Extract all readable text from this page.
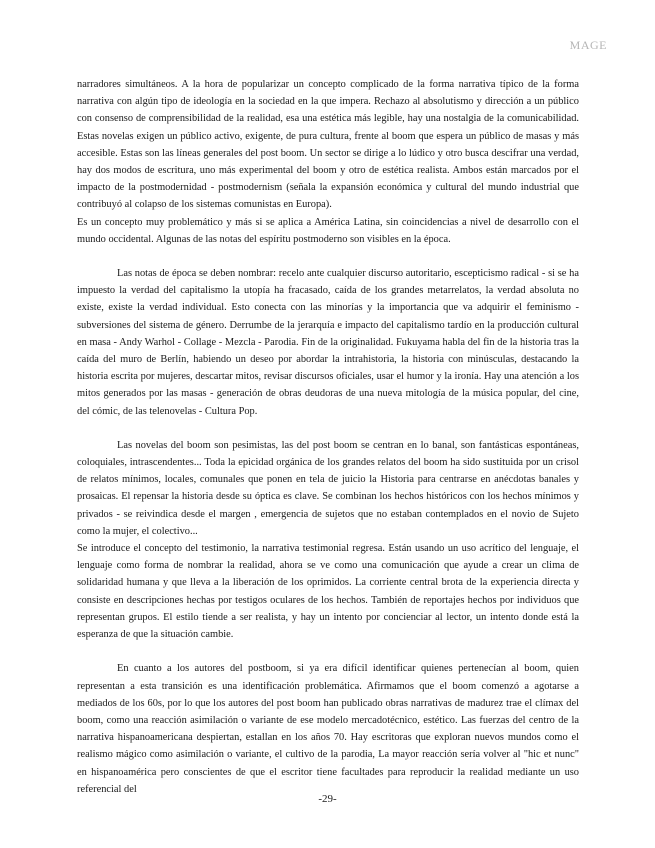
MAGE

narradores simultáneos. A la hora de popularizar un concepto complicado de la forma narrativa típico de la forma narrativa con algún tipo de ideología en la sociedad en la que impera. Rechazo al absolutismo y dirección a un público con consenso de comprensibilidad de la realidad, esa una estética más legible, hay una nostalgia de la comunicabilidad. Estas novelas exigen un público activo, exigente, de pura cultura, frente al boom que espera un público de masas y más accesible. Estas son las líneas generales del post boom. Un sector se dirige a lo lúdico y otro busca descifrar una verdad, hay dos modos de escritura, uno más experimental del boom y otro de estética realista. Ambos están marcados por el impacto de la postmodernidad - postmodernism (señala la expansión económica y cultural del mundo industrial que contribuyó al colapso de los sistemas comunistas en Europa).

Es un concepto muy problemático y más si se aplica a América Latina, sin coincidencias a nivel de desarrollo con el mundo occidental. Algunas de las notas del espíritu postmoderno son visibles en la época.

Las notas de época se deben nombrar: recelo ante cualquier discurso autoritario, escepticismo radical - si se ha impuesto la verdad del capitalismo la utopía ha fracasado, caída de los grandes metarrelatos, la verdad absoluta no existe, existe la verdad individual. Esto conecta con las minorías y la importancia que va adquirir el feminismo - subversiones del sistema de género. Derrumbe de la jerarquía e impacto del capitalismo tardío en la producción cultural en masa - Andy Warhol - Collage - Mezcla - Parodia. Fin de la originalidad. Fukuyama habla del fin de la historia tras la caída del muro de Berlín, habiendo un deseo por abordar la intrahistoria, la historia con minúsculas, destacando la historia escrita por mujeres, descartar mitos, revisar discursos oficiales, usar el humor y la ironía. Hay una atención a los mitos generados por las masas - generación de obras deudoras de una nueva mitología de la música popular, del cine, del cómic, de las telenovelas - Cultura Pop.

Las novelas del boom son pesimistas, las del post boom se centran en lo banal, son fantásticas espontáneas, coloquiales, intrascendentes... Toda la epicidad orgánica de los grandes relatos del boom ha sido sustituida por un crisol de relatos mínimos, locales, comunales que ponen en tela de juicio la Historia para centrarse en anécdotas banales y prosaicas. El repensar la historia desde su óptica es clave. Se combinan los hechos históricos con los hechos mínimos y privados - se reivindica desde el margen , emergencia de sujetos que no estaban contemplados en el novio de Sujeto como la mujer, el colectivo...

Se introduce el concepto del testimonio, la narrativa testimonial regresa. Están usando un uso acrítico del lenguaje, el lenguaje como forma de nombrar la realidad, ahora se ve como una comunicación que ayude a crear un clima de solidaridad humana y que lleva a la liberación de los oprimidos. La corriente central brota de la experiencia directa y consiste en descripciones hechas por testigos oculares de los hechos. También de reportajes hechos por individuos que representan grupos. El estilo tiende a ser realista, y hay un intento por concienciar al lector, un intento donde está la esperanza de que la situación cambie.

En cuanto a los autores del postboom, si ya era difícil identificar quienes pertenecían al boom, quien representan a esta transición es una identificación problemática. Afirmamos que el boom comenzó a agotarse a mediados de los 60s, por lo que los autores del post boom han publicado obras narrativas de madurez trae el clímax del boom, como una reacción asimilación o variante de ese modelo mercadotécnico, estético. Las fuerzas del centro de la narrativa hispanoamericana despiertan, estallan en los años 70. Hay escritoras que exploran nuevos mundos como el realismo mágico como asimilación o variante, el cultivo de la parodia, La mayor reacción sería volver al "hic et nunc" en hispanoamérica pero conscientes de que el escritor tiene facultades para reproducir la realidad mediante un uso referencial del

-29-
